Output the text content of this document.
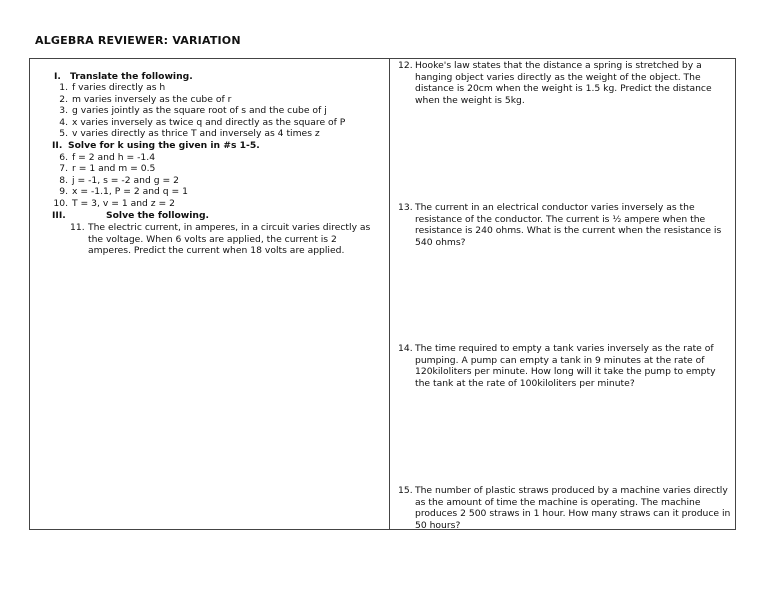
ALGEBRA REVIEWER: VARIATION
I. Translate the following.
1. f varies directly as h
2. m varies inversely as the cube of r
3. g varies jointly as the square root of s and the cube of j
4. x varies inversely as twice q and directly as the square of P
5. v varies directly as thrice T and inversely as 4 times z
II. Solve for k using the given in #s 1-5.
6. f = 2 and h = -1.4
7. r = 1 and m = 0.5
8. j = -1, s = -2 and g = 2
9. x = -1.1, P = 2 and q = 1
10. T = 3, v = 1 and z = 2
III.	Solve the following.
11. The electric current, in amperes, in a circuit varies directly as the voltage. When 6 volts are applied, the current is 2 amperes. Predict the current when 18 volts are applied.
12. Hooke's law states that the distance a spring is stretched by a hanging object varies directly as the weight of the object. The distance is 20cm when the weight is 1.5 kg. Predict the distance when the weight is 5kg.
13. The current in an electrical conductor varies inversely as the resistance of the conductor. The current is ½ ampere when the resistance is 240 ohms. What is the current when the resistance is 540 ohms?
14. The time required to empty a tank varies inversely as the rate of pumping. A pump can empty a tank in 9 minutes at the rate of 120kiloliters per minute. How long will it take the pump to empty the tank at the rate of 100kiloliters per minute?
15. The number of plastic straws produced by a machine varies directly as the amount of time the machine is operating. The machine produces 2 500 straws in 1 hour. How many straws can it produce in 50 hours?
